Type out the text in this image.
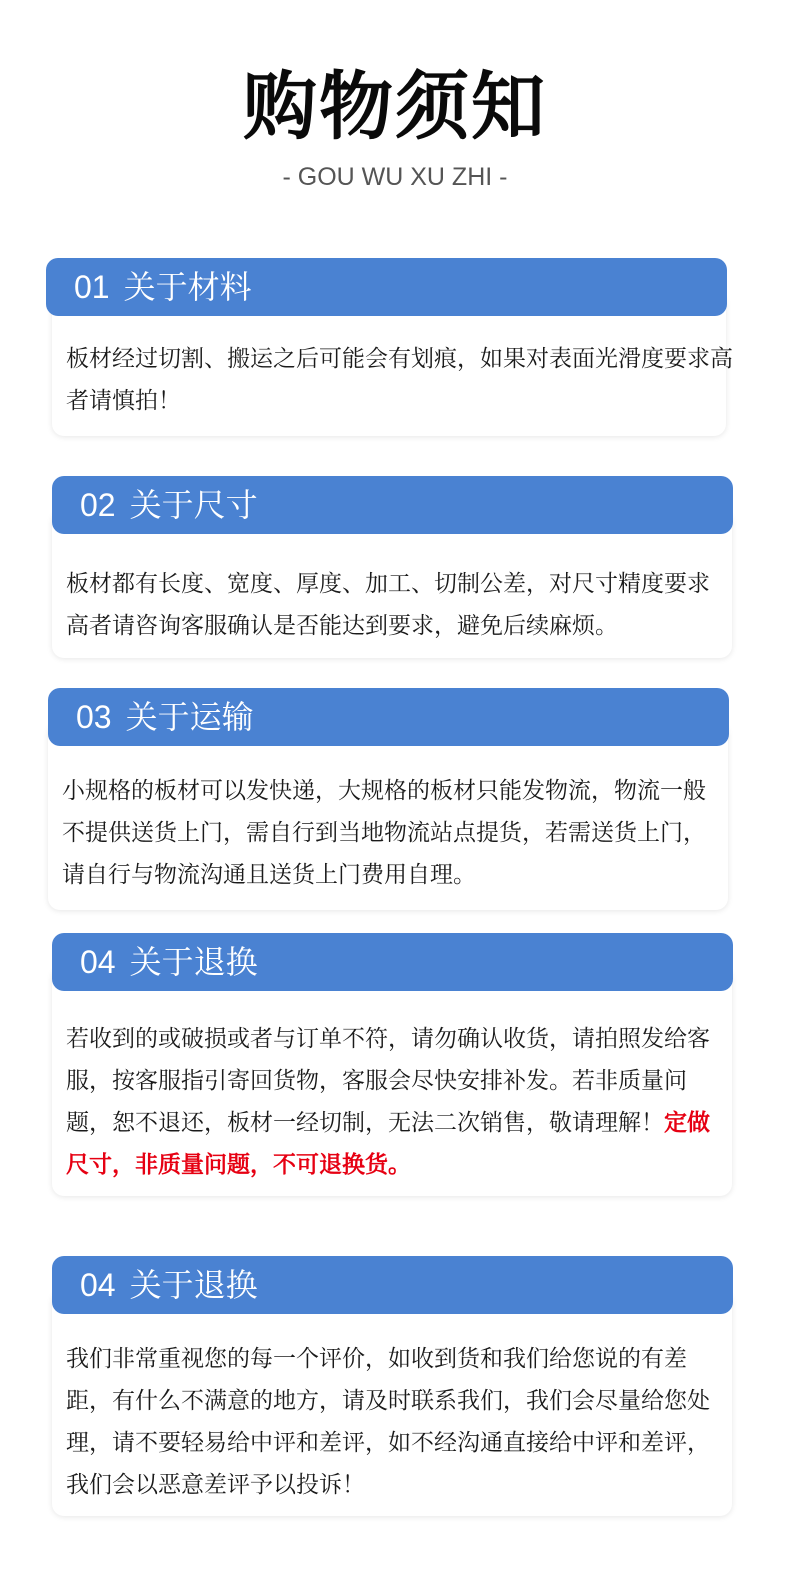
购物须知
- GOU WU XU ZHI -
01 关于材料
板材经过切割、搬运之后可能会有划痕，如果对表面光滑度要求高者请慎拍！
02 关于尺寸
板材都有长度、宽度、厚度、加工、切制公差，对尺寸精度要求高者请咨询客服确认是否能达到要求，避免后续麻烦。
03 关于运输
小规格的板材可以发快递，大规格的板材只能发物流，物流一般不提供送货上门，需自行到当地物流站点提货，若需送货上门，请自行与物流沟通且送货上门费用自理。
04 关于退换
若收到的或破损或者与订单不符，请勿确认收货，请拍照发给客服，按客服指引寄回货物，客服会尽快安排补发。若非质量问题，恕不退还，板材一经切制，无法二次销售，敬请理解！定做尺寸，非质量问题，不可退换货。
04 关于退换
我们非常重视您的每一个评价，如收到货和我们给您说的有差距，有什么不满意的地方，请及时联系我们，我们会尽量给您处理，请不要轻易给中评和差评，如不经沟通直接给中评和差评，我们会以恶意差评予以投诉！
